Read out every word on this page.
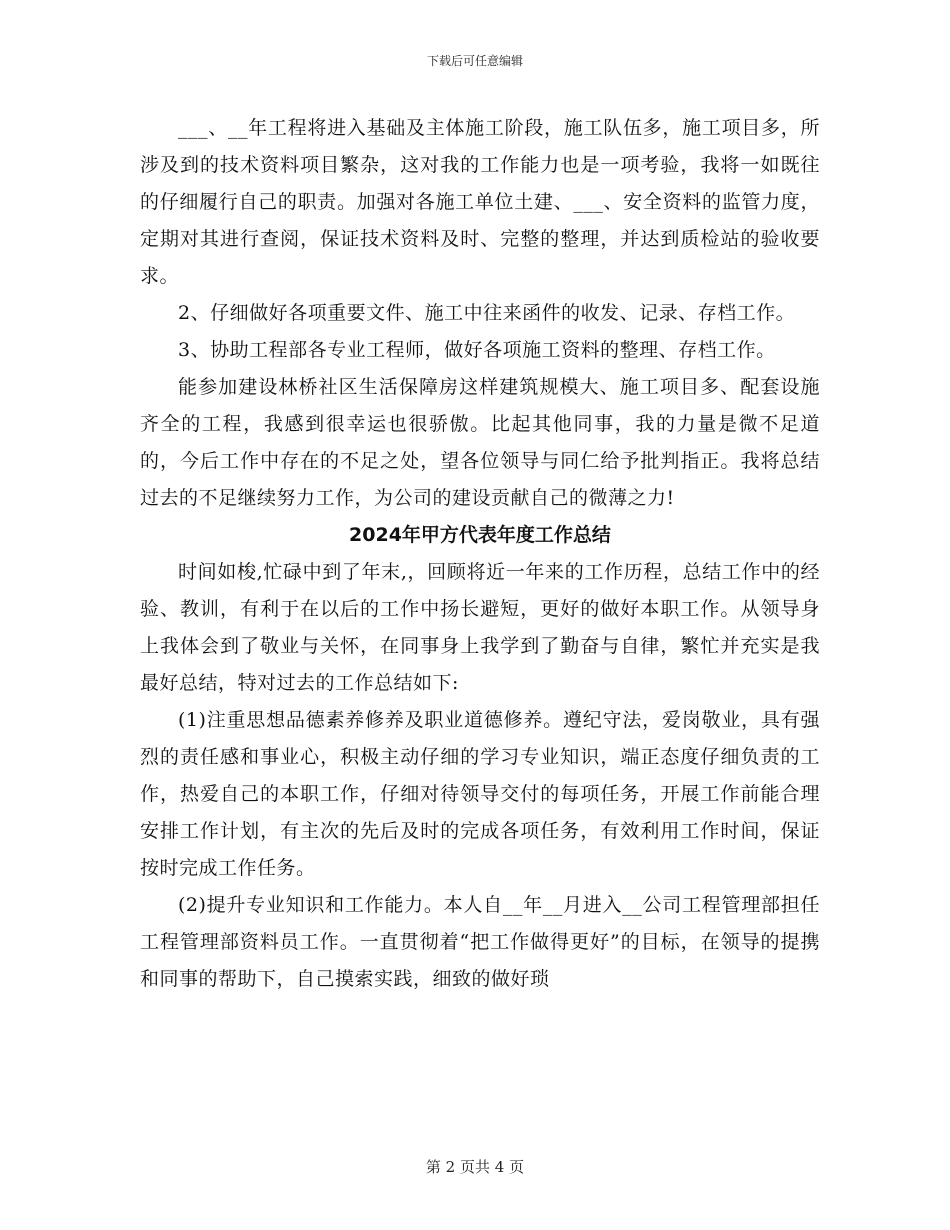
下载后可任意编辑

___、__年工程将进入基础及主体施工阶段，施工队伍多，施工项目多，所涉及到的技术资料项目繁杂，这对我的工作能力也是一项考验，我将一如既往的仔细履行自己的职责。加强对各施工单位土建、___、安全资料的监管力度，定期对其进行查阅，保证技术资料及时、完整的整理，并达到质检站的验收要求。

2、仔细做好各项重要文件、施工中往来函件的收发、记录、存档工作。

3、协助工程部各专业工程师，做好各项施工资料的整理、存档工作。

能参加建设林桥社区生活保障房这样建筑规模大、施工项目多、配套设施齐全的工程，我感到很幸运也很骄傲。比起其他同事，我的力量是微不足道的，今后工作中存在的不足之处，望各位领导与同仁给予批判指正。我将总结过去的不足继续努力工作，为公司的建设贡献自己的微薄之力!

2024年甲方代表年度工作总结

时间如梭,忙碌中到了年末,，回顾将近一年来的工作历程，总结工作中的经验、教训，有利于在以后的工作中扬长避短，更好的做好本职工作。从领导身上我体会到了敬业与关怀，在同事身上我学到了勤奋与自律，繁忙并充实是我最好总结，特对过去的工作总结如下:

(1)注重思想品德素养修养及职业道德修养。遵纪守法，爱岗敬业，具有强烈的责任感和事业心，积极主动仔细的学习专业知识，端正态度仔细负责的工作，热爱自己的本职工作，仔细对待领导交付的每项任务，开展工作前能合理安排工作计划，有主次的先后及时的完成各项任务，有效利用工作时间，保证按时完成工作任务。

(2)提升专业知识和工作能力。本人自__年__月进入__公司工程管理部担任工程管理部资料员工作。一直贯彻着“把工作做得更好”的目标，在领导的提携和同事的帮助下，自己摸索实践，细致的做好琐

第 2 页共 4 页
